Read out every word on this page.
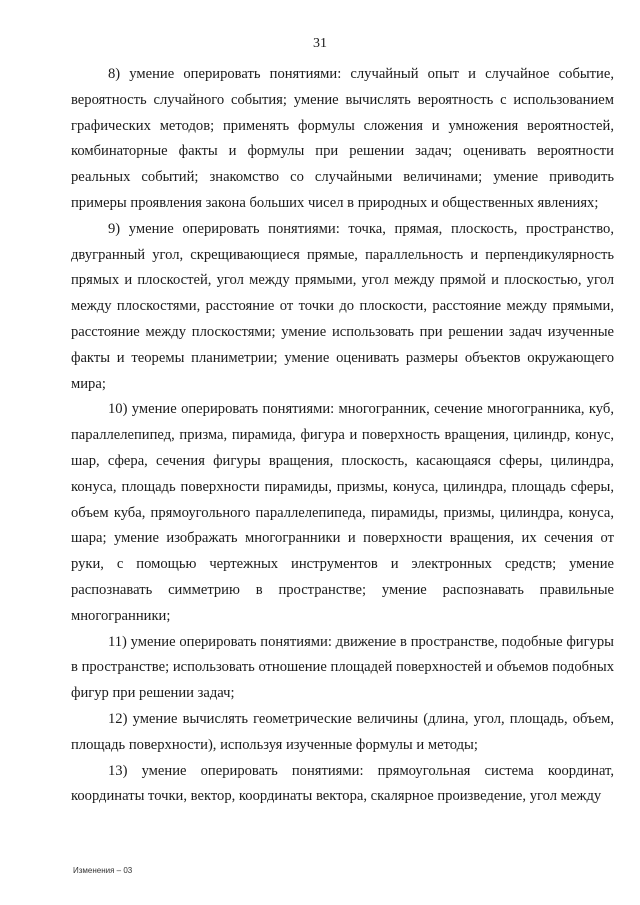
31

8) умение оперировать понятиями: случайный опыт и случайное событие, вероятность случайного события; умение вычислять вероятность с использованием графических методов; применять формулы сложения и умножения вероятностей, комбинаторные факты и формулы при решении задач; оценивать вероятности реальных событий; знакомство со случайными величинами; умение приводить примеры проявления закона больших чисел в природных и общественных явлениях;

9) умение оперировать понятиями: точка, прямая, плоскость, пространство, двугранный угол, скрещивающиеся прямые, параллельность и перпендикулярность прямых и плоскостей, угол между прямыми, угол между прямой и плоскостью, угол между плоскостями, расстояние от точки до плоскости, расстояние между прямыми, расстояние между плоскостями; умение использовать при решении задач изученные факты и теоремы планиметрии; умение оценивать размеры объектов окружающего мира;

10) умение оперировать понятиями: многогранник, сечение многогранника, куб, параллелепипед, призма, пирамида, фигура и поверхность вращения, цилиндр, конус, шар, сфера, сечения фигуры вращения, плоскость, касающаяся сферы, цилиндра, конуса, площадь поверхности пирамиды, призмы, конуса, цилиндра, площадь сферы, объем куба, прямоугольного параллелепипеда, пирамиды, призмы, цилиндра, конуса, шара; умение изображать многогранники и поверхности вращения, их сечения от руки, с помощью чертежных инструментов и электронных средств; умение распознавать симметрию в пространстве; умение распознавать правильные многогранники;

11) умение оперировать понятиями: движение в пространстве, подобные фигуры в пространстве; использовать отношение площадей поверхностей и объемов подобных фигур при решении задач;

12) умение вычислять геометрические величины (длина, угол, площадь, объем, площадь поверхности), используя изученные формулы и методы;

13) умение оперировать понятиями: прямоугольная система координат, координаты точки, вектор, координаты вектора, скалярное произведение, угол между

Изменения – 03
